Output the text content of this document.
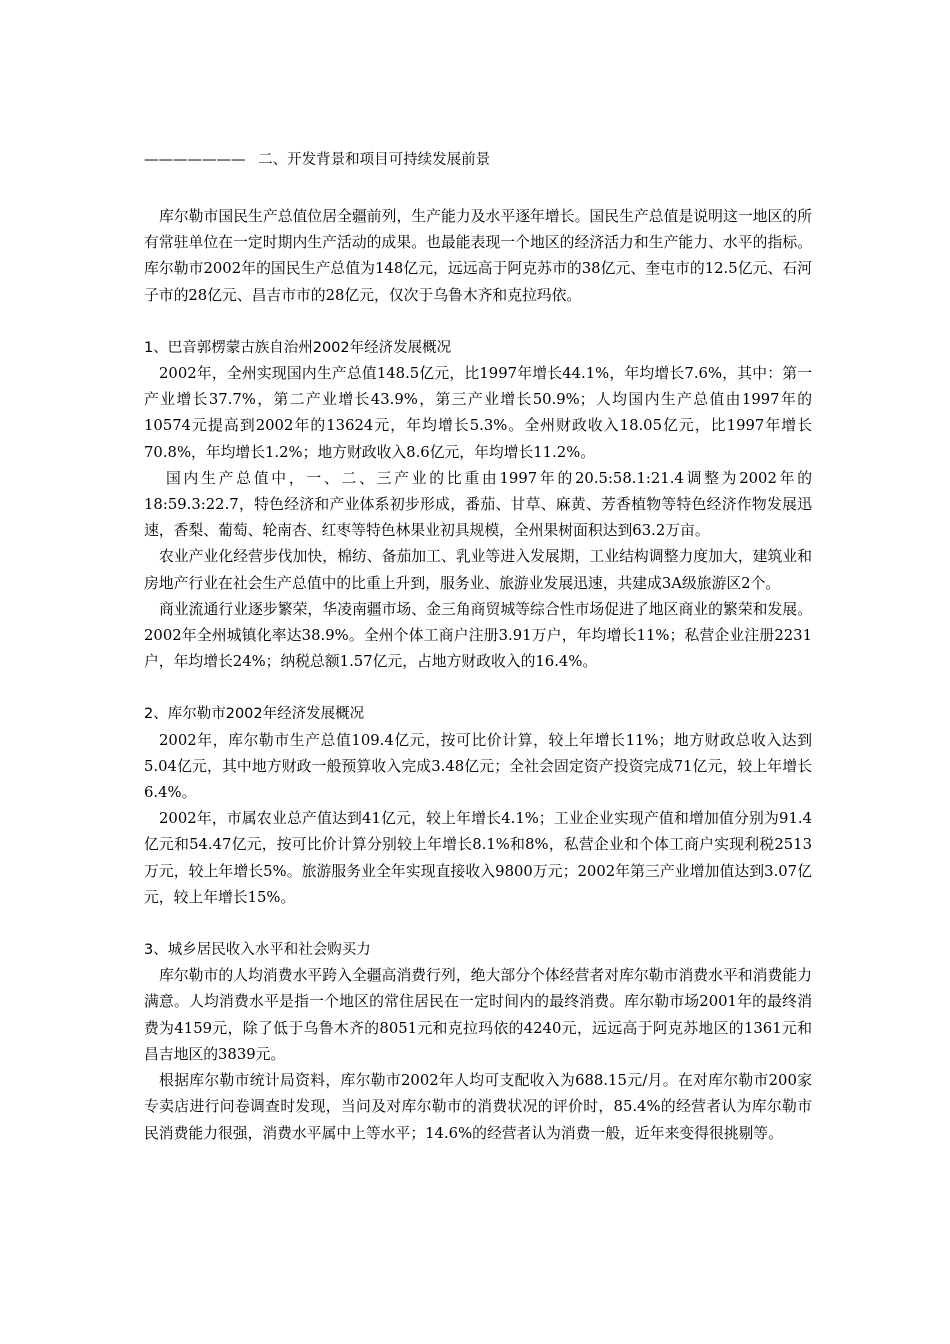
——————— 二、开发背景和项目可持续发展前景

库尔勒市国民生产总值位居全疆前列，生产能力及水平逐年增长。国民生产总值是说明这一地区的所有常驻单位在一定时期内生产活动的成果。也最能表现一个地区的经济活力和生产能力、水平的指标。库尔勒市2002年的国民生产总值为148亿元，远远高于阿克苏市的38亿元、奎屯市的12.5亿元、石河子市的28亿元、昌吉市市的28亿元，仅次于乌鲁木齐和克拉玛依。

1、巴音郭楞蒙古族自治州2002年经济发展概况

2002年，全州实现国内生产总值148.5亿元，比1997年增长44.1%，年均增长7.6%，其中：第一产业增长37.7%，第二产业增长43.9%，第三产业增长50.9%；人均国内生产总值由1997年的10574元提高到2002年的13624元，年均增长5.3%。全州财政收入18.05亿元，比1997年增长70.8%，年均增长1.2%；地方财政收入8.6亿元，年均增长11.2%。

国内生产总值中，一、二、三产业的比重由1997年的20.5:58.1:21.4调整为2002年的18:59.3:22.7，特色经济和产业体系初步形成，番茄、甘草、麻黄、芳香植物等特色经济作物发展迅速，香梨、葡萄、轮南杏、红枣等特色林果业初具规模，全州果树面积达到63.2万亩。

农业产业化经营步伐加快，棉纺、备茄加工、乳业等进入发展期，工业结构调整力度加大，建筑业和房地产行业在社会生产总值中的比重上升到，服务业、旅游业发展迅速，共建成3A级旅游区2个。

商业流通行业逐步繁荣，华凌南疆市场、金三角商贸城等综合性市场促进了地区商业的繁荣和发展。2002年全州城镇化率达38.9%。全州个体工商户注册3.91万户，年均增长11%；私营企业注册2231户，年均增长24%；纳税总额1.57亿元，占地方财政收入的16.4%。

2、库尔勒市2002年经济发展概况

2002年，库尔勒市生产总值109.4亿元，按可比价计算，较上年增长11%；地方财政总收入达到5.04亿元，其中地方财政一般预算收入完成3.48亿元；全社会固定资产投资完成71亿元，较上年增长6.4%。

2002年，市属农业总产值达到41亿元，较上年增长4.1%；工业企业实现产值和增加值分别为91.4亿元和54.47亿元，按可比价计算分别较上年增长8.1%和8%，私营企业和个体工商户实现利税2513万元，较上年增长5%。旅游服务业全年实现直接收入9800万元；2002年第三产业增加值达到3.07亿元，较上年增长15%。

3、城乡居民收入水平和社会购买力

库尔勒市的人均消费水平跨入全疆高消费行列，绝大部分个体经营者对库尔勒市消费水平和消费能力满意。人均消费水平是指一个地区的常住居民在一定时间内的最终消费。库尔勒市场2001年的最终消费为4159元，除了低于乌鲁木齐的8051元和克拉玛依的4240元，远远高于阿克苏地区的1361元和昌吉地区的3839元。

根据库尔勒市统计局资料，库尔勒市2002年人均可支配收入为688.15元/月。在对库尔勒市200家专卖店进行问卷调查时发现，当问及对库尔勒市的消费状况的评价时，85.4%的经营者认为库尔勒市民消费能力很强，消费水平属中上等水平；14.6%的经营者认为消费一般，近年来变得很挑剔等。
